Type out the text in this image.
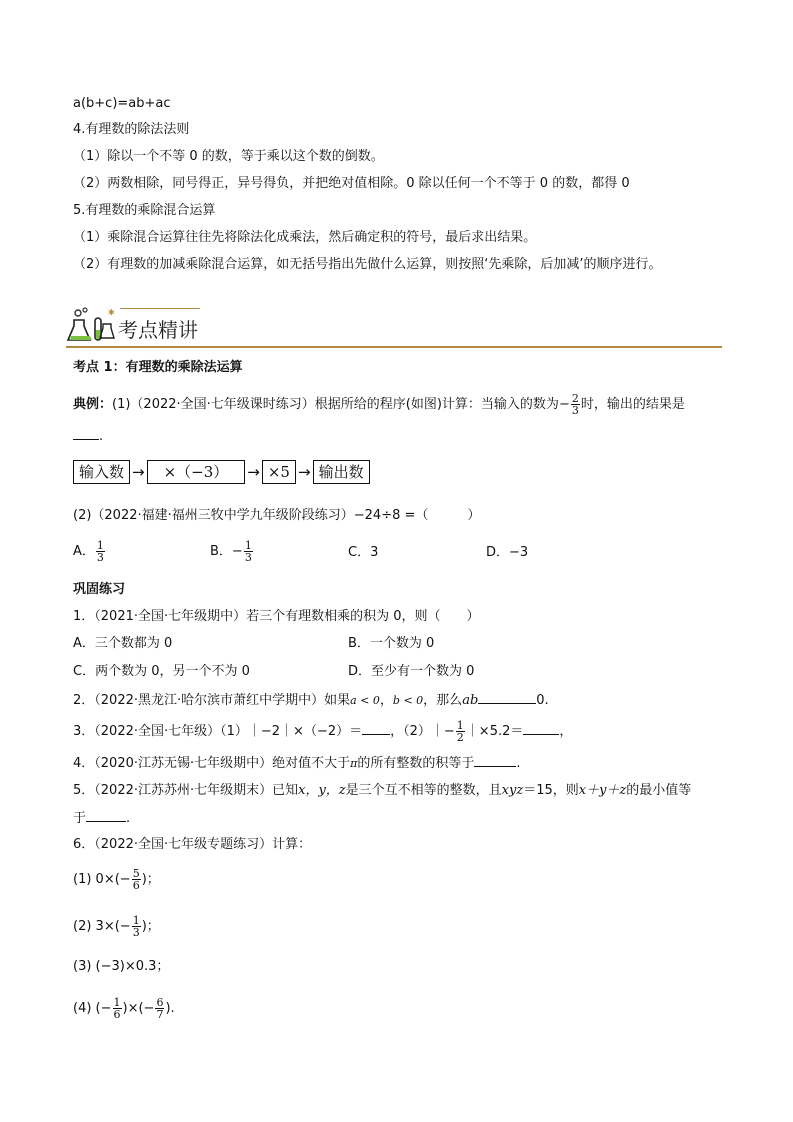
a(b+c)=ab+ac
4.有理数的除法法则
（1）除以一个不等 0 的数，等于乘以这个数的倒数。
（2）两数相除，同号得正，异号得负，并把绝对值相除。0 除以任何一个不等于 0 的数，都得 0
5.有理数的乘除混合运算
（1）乘除混合运算往往先将除法化成乘法，然后确定积的符号，最后求出结果。
（2）有理数的加减乘除混合运算，如无括号指出先做什么运算，则按照‘先乘除，后加减’的顺序进行。
✱
考点精讲
考点 1：有理数的乘除法运算
典例：(1)（2022·全国·七年级课时练习）根据所给的程序(如图)计算：当输入的数为− $\frac{2}{3}$ 时，输出的结果是
.
输入数 → ×（−3） → ×5 → 输出数
(2)（2022·福建·福州三牧中学九年级阶段练习）−24÷8 =（　　　）
A． $\frac{1}{3}$	B．− $\frac{1}{3}$	C．3	D．−3
巩固练习
1．（2021·全国·七年级期中）若三个有理数相乘的积为 0，则（　　）
A．三个数都为 0	B．一个数为 0
C．两个数为 0，另一个不为 0	D．至少有一个数为 0
2．（2022·黑龙江·哈尔滨市萧红中学期中）如果a < 0，b < 0，那么ab	0.
3．（2022·全国·七年级）（1）｜−2｜×（−2）＝ ，（2）｜− $\frac{1}{2}$ ｜×5.2＝	，
4．（2020·江苏无锡·七年级期中）绝对值不大于π的所有整数的积等于	.
5．（2022·江苏苏州·七年级期末）已知x，y，z是三个互不相等的整数，且xyz＝15，则x＋y＋z的最小值等
于	.
6．（2022·全国·七年级专题练习）计算：
(1) $0\times(- \frac{5}{6}$ )；
(2) $3\times(- \frac{1}{3}$ )；
(3) (−3)×0.3；
(4) (− $\frac{1}{6}$ )×(− $\frac{6}{7}$ ).
